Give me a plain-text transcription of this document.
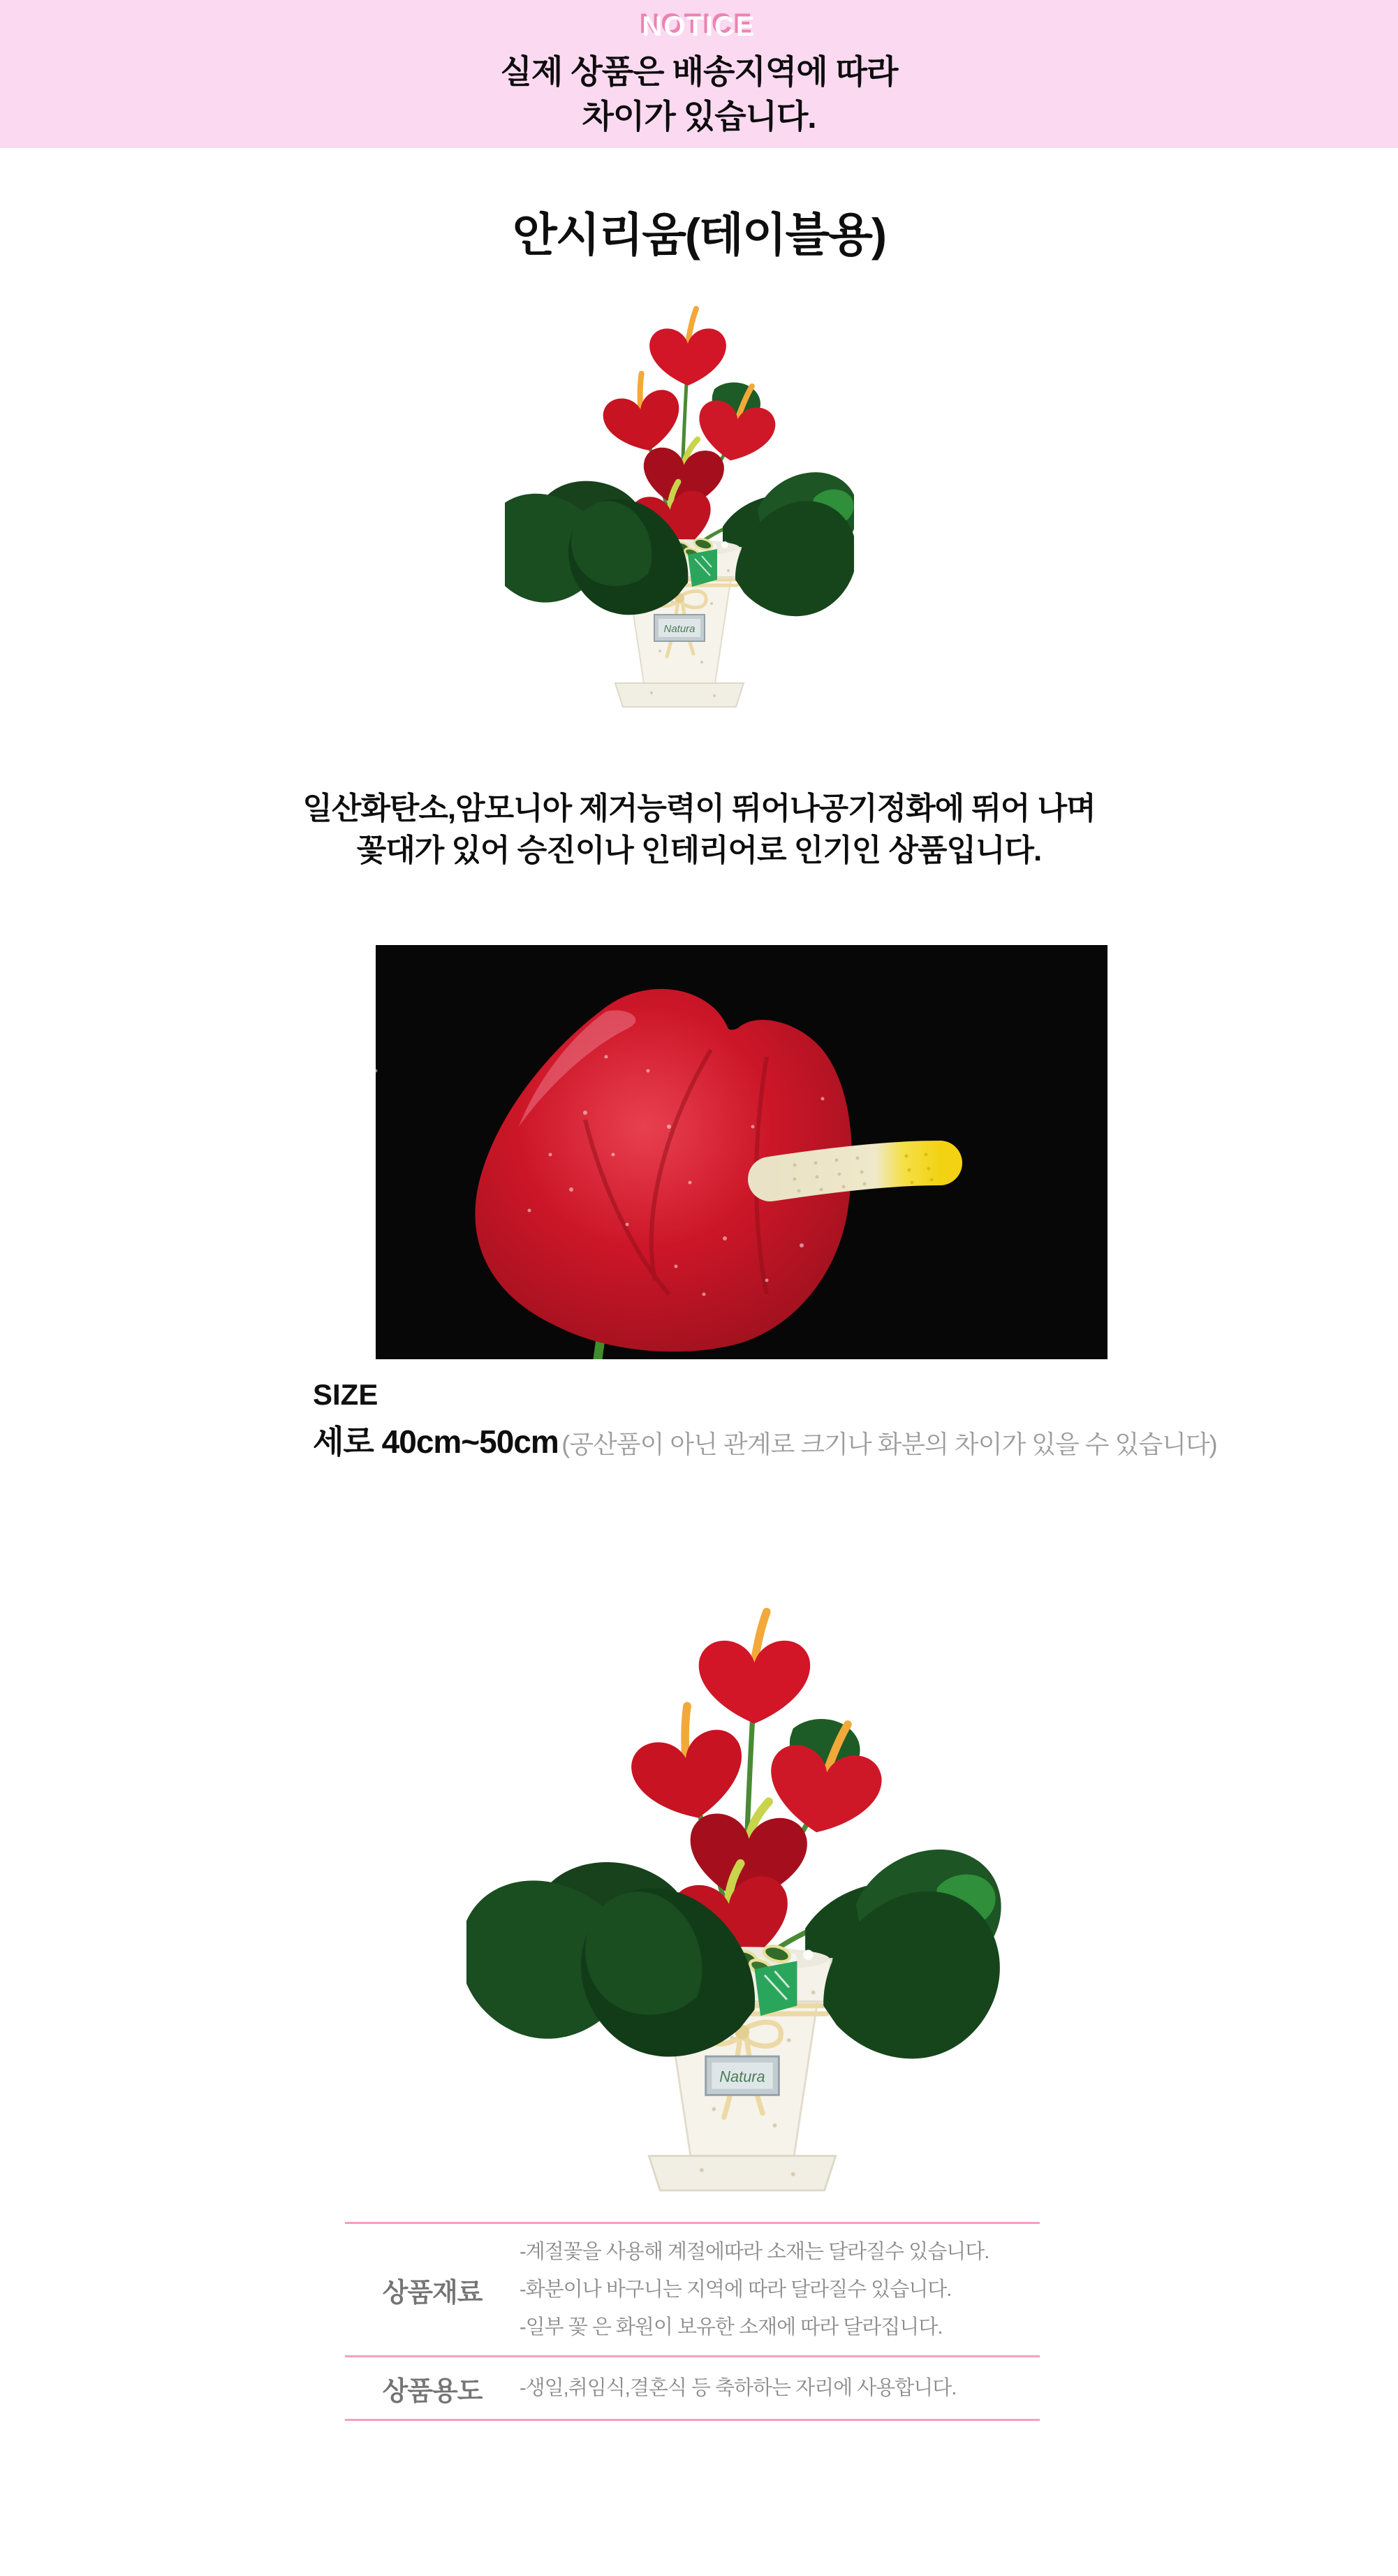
NOTICE
실제 상품은 배송지역에 따라
차이가 있습니다.
안시리움(테이블용)
일산화탄소,암모니아 제거능력이 뛰어나공기정화에 뛰어 나며
꽃대가 있어 승진이나 인테리어로 인기인 상품입니다.
SIZE
세로 40cm~50cm (공산품이 아닌 관계로 크기나 화분의 차이가 있을 수 있습니다)
상품재료
-계절꽃을 사용해 계절에따라 소재는 달라질수 있습니다.
-화분이나 바구니는 지역에 따라 달라질수 있습니다.
-일부 꽃 은 화원이 보유한 소재에 따라 달라집니다.
상품용도	-생일,취임식,결혼식 등 축하하는 자리에 사용합니다.
